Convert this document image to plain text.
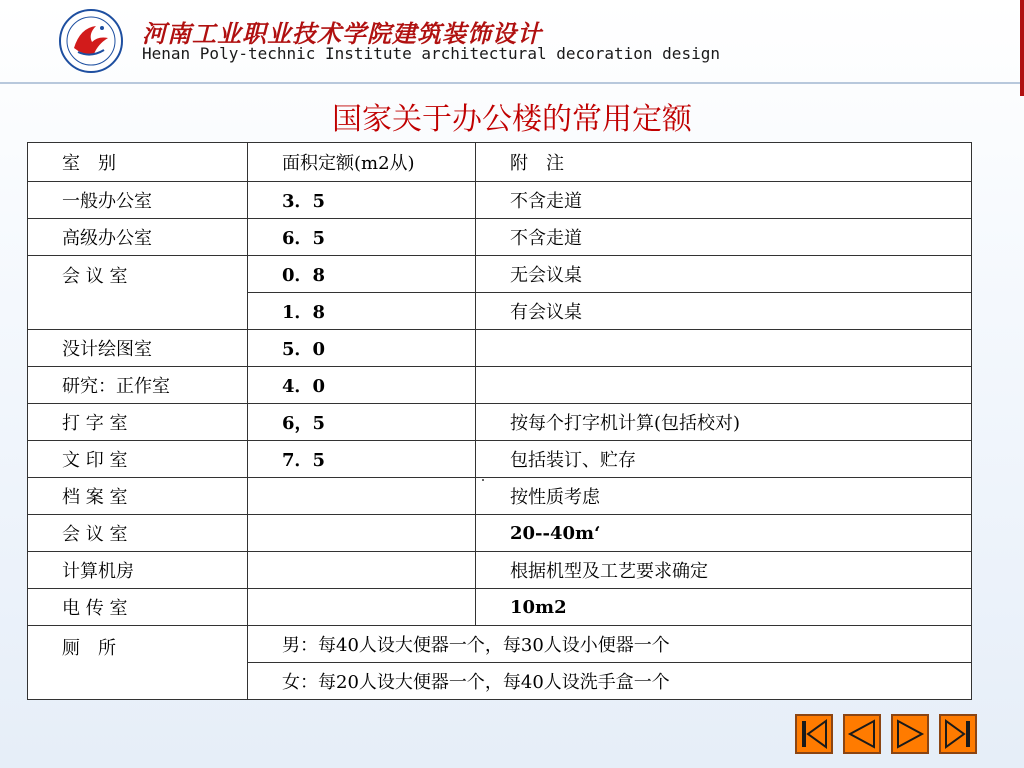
河南工业职业技术学院建筑装饰设计
Henan Poly-technic Institute architectural decoration design
国家关于办公楼的常用定额
室　别	面积定额(m2从)	附　注
一般办公室	3．5	不含走道
高级办公室	6．5	不含走道
会 议 室	0．8	无会议桌
	1．8	有会议桌
没计绘图室	5．0	
研究：正作室	4．0	
打 字 室	6，5	按每个打字机计算(包括校对)
文 印 室	7．5	包括装订、贮存
档 案 室		按性质考虑
会 议 室		20--40m‘
计算机房		根据机型及工艺要求确定
电 传 室		10m2
厕　所	男：每40人设大便器一个，每30人设小便器一个	
	女：每20人设大便器一个，每40人设洗手盒一个	
